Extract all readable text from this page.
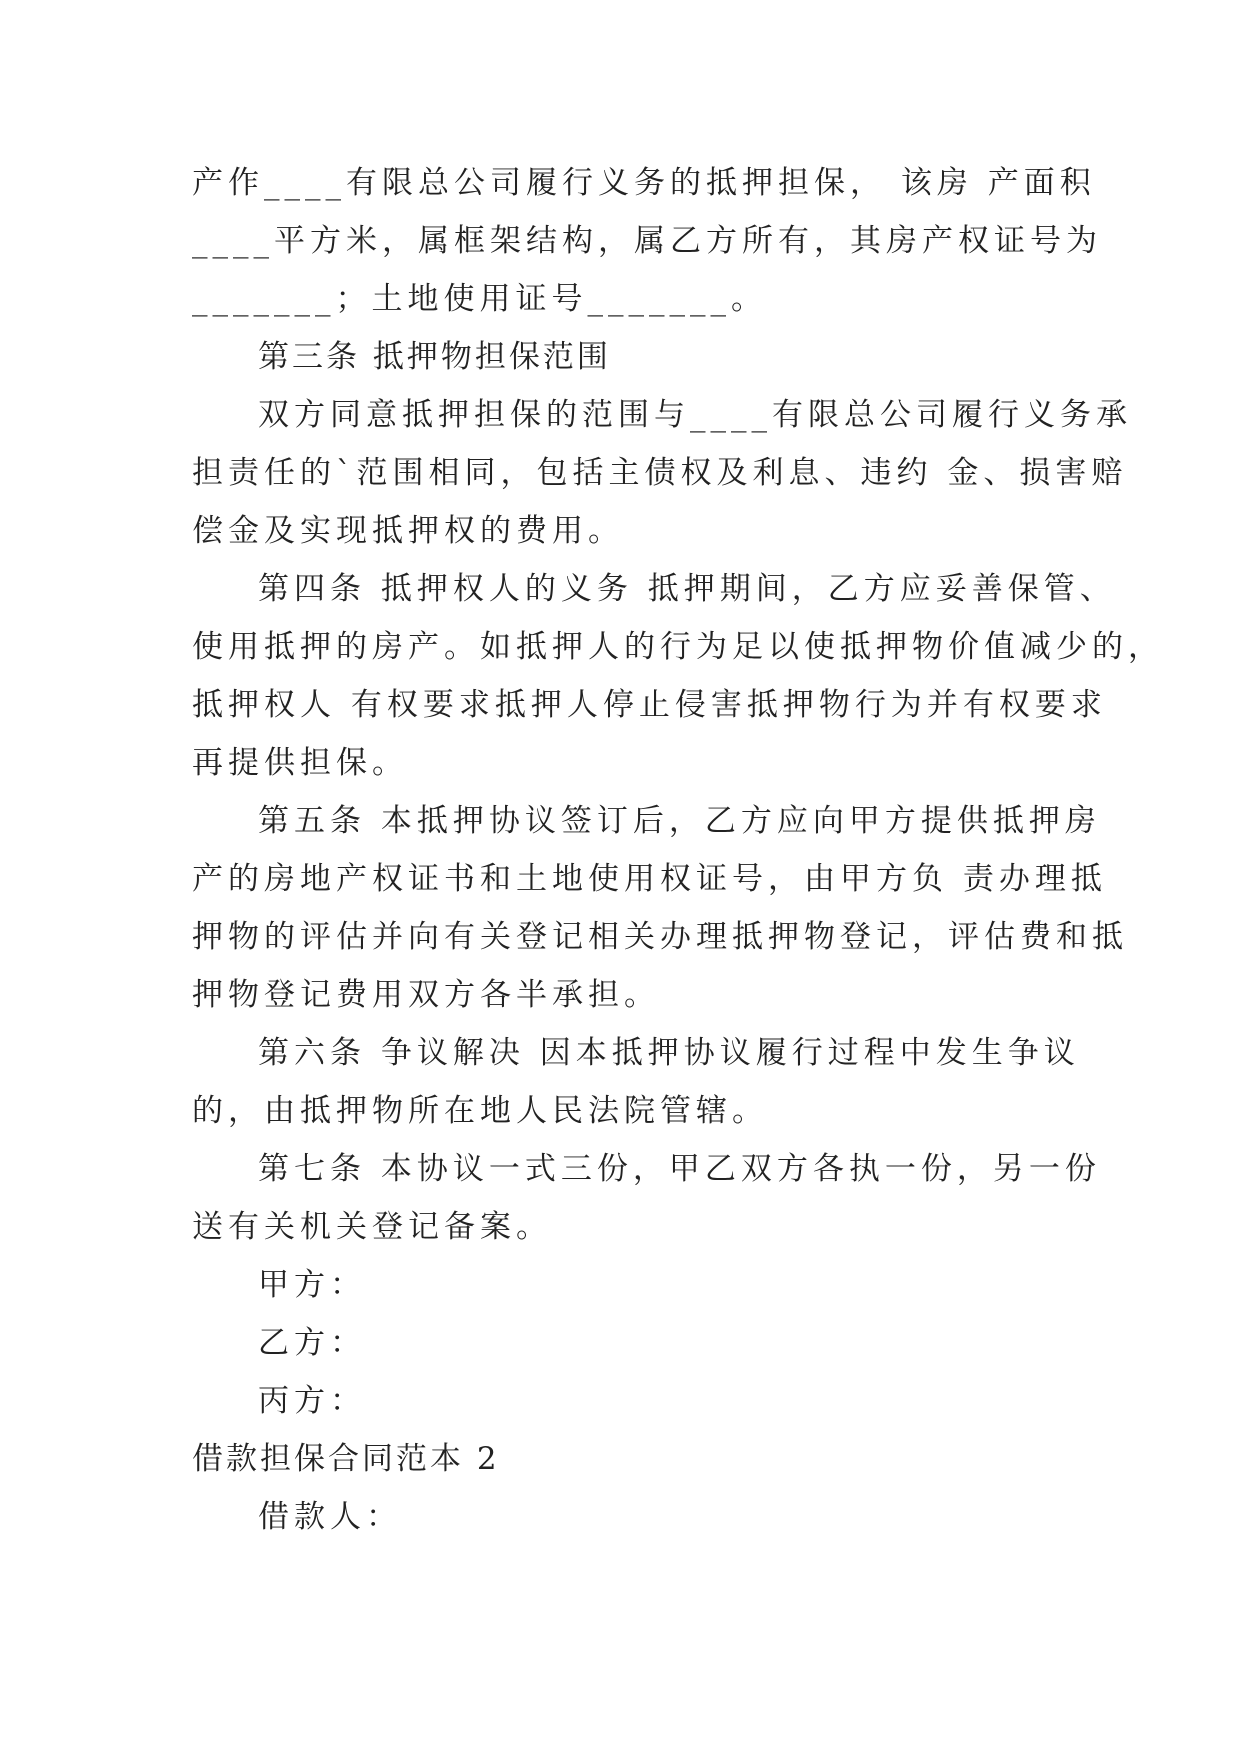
产作____有限总公司履行义务的抵押担保， 该房 产面积
____平方米，属框架结构，属乙方所有，其房产权证号为
_______；土地使用证号_______。
第三条 抵押物担保范围
双方同意抵押担保的范围与____有限总公司履行义务承
担责任的`范围相同，包括主债权及利息、违约 金、损害赔
偿金及实现抵押权的费用。
第四条 抵押权人的义务 抵押期间，乙方应妥善保管、
使用抵押的房产。如抵押人的行为足以使抵押物价值减少的，
抵押权人 有权要求抵押人停止侵害抵押物行为并有权要求
再提供担保。
第五条 本抵押协议签订后，乙方应向甲方提供抵押房
产的房地产权证书和土地使用权证号，由甲方负 责办理抵
押物的评估并向有关登记相关办理抵押物登记，评估费和抵
押物登记费用双方各半承担。
第六条 争议解决 因本抵押协议履行过程中发生争议
的，由抵押物所在地人民法院管辖。
第七条 本协议一式三份，甲乙双方各执一份，另一份
送有关机关登记备案。
甲方：
乙方：
丙方：
借款担保合同范本 2
借款人：
